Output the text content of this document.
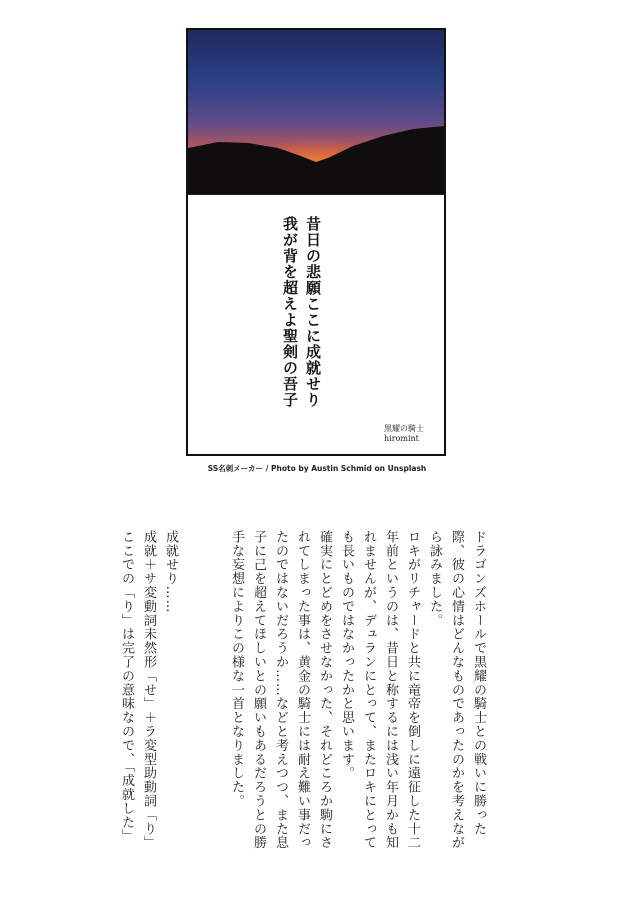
昔日の悲願ここに成就せり
我が背を超えよ聖剣の吾子
黒耀の騎士
hiromint
SS名刺メーカー / Photo by Austin Schmid on Unsplash

ドラゴンズホールで黒耀の騎士との戦いに勝った際、彼の心情はどんなものであったのかを考えながら詠みました。

ロキがリチャードと共に竜帝を倒しに遠征した十二年前というのは、昔日と称するには浅い年月かも知れませんが、デュランにとって、またロキにとっても長いものではなかったかと思います。

確実にとどめをさせなかった、それどころか駒にされてしまった事は、黄金の騎士には耐え難い事だったのではないだろうか……などと考えつつ、また息子に己を超えてほしいとの願いもあるだろうとの勝手な妄想によりこの様な一首となりました。

成就せり……

成就＋サ変動詞未然形「せ」＋ラ変型助動詞「り」

ここでの「り」は完了の意味なので、「成就した」
